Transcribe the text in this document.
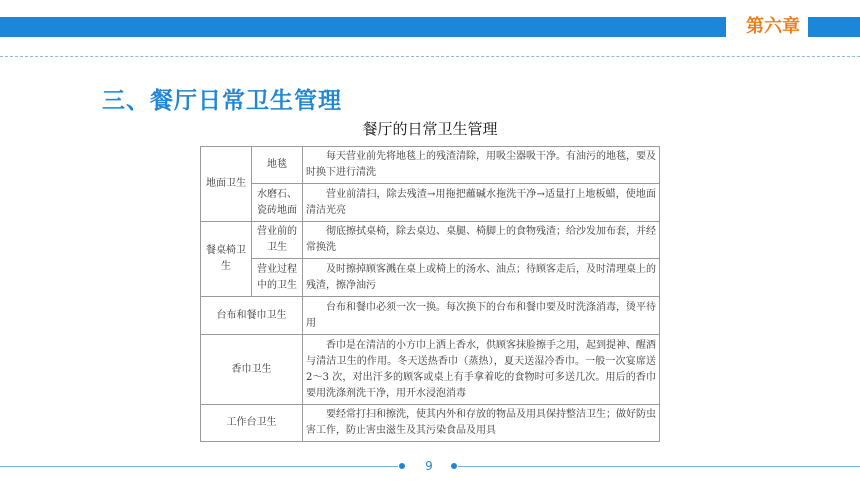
第六章
三、餐厅日常卫生管理
餐厅的日常卫生管理
地面卫生	地毯	每天营业前先将地毯上的残渣清除，用吸尘器吸干净。有油污的地毯，要及时换下进行清洗
	水磨石、瓷砖地面	营业前清扫，除去残渣→用拖把蘸碱水拖洗干净→适量打上地板蜡，使地面清洁光亮
餐桌椅卫生	营业前的卫生	彻底擦拭桌椅，除去桌边、桌腿、椅脚上的食物残渣；给沙发加布套，并经常换洗
	营业过程中的卫生	及时擦掉顾客溅在桌上或椅上的汤水、油点；待顾客走后，及时清理桌上的残渣，擦净油污
台布和餐巾卫生		台布和餐巾必须一次一换。每次换下的台布和餐巾要及时洗涤消毒，烫平待用
香巾卫生		香巾是在清洁的小方巾上洒上香水，供顾客抹脸擦手之用，起到提神、醒酒与清洁卫生的作用。冬天送热香巾（蒸热），夏天送湿冷香巾。一般一次宴席送 2～3 次，对出汗多的顾客或桌上有手拿着吃的食物时可多送几次。用后的香巾要用洗涤剂洗干净，用开水浸泡消毒
工作台卫生		要经常打扫和擦洗，使其内外和存放的物品及用具保持整洁卫生；做好防虫害工作，防止害虫滋生及其污染食品及用具
9
